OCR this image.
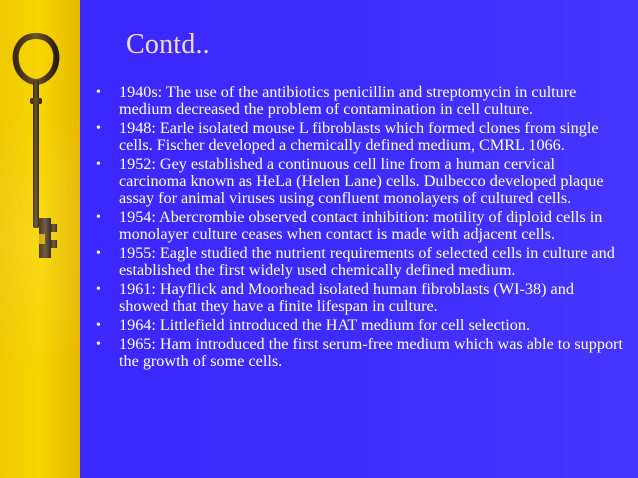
Contd..
• 1940s: The use of the antibiotics penicillin and streptomycin in culture medium decreased the problem of contamination in cell culture.
• 1948: Earle isolated mouse L fibroblasts which formed clones from single cells. Fischer developed a chemically defined medium, CMRL 1066.
• 1952: Gey established a continuous cell line from a human cervical carcinoma known as HeLa (Helen Lane) cells. Dulbecco developed plaque assay for animal viruses using confluent monolayers of cultured cells.
• 1954: Abercrombie observed contact inhibition: motility of diploid cells in monolayer culture ceases when contact is made with adjacent cells.
• 1955: Eagle studied the nutrient requirements of selected cells in culture and established the first widely used chemically defined medium.
• 1961: Hayflick and Moorhead isolated human fibroblasts (WI-38) and showed that they have a finite lifespan in culture.
• 1964: Littlefield introduced the HAT medium for cell selection.
• 1965: Ham introduced the first serum-free medium which was able to support the growth of some cells.
